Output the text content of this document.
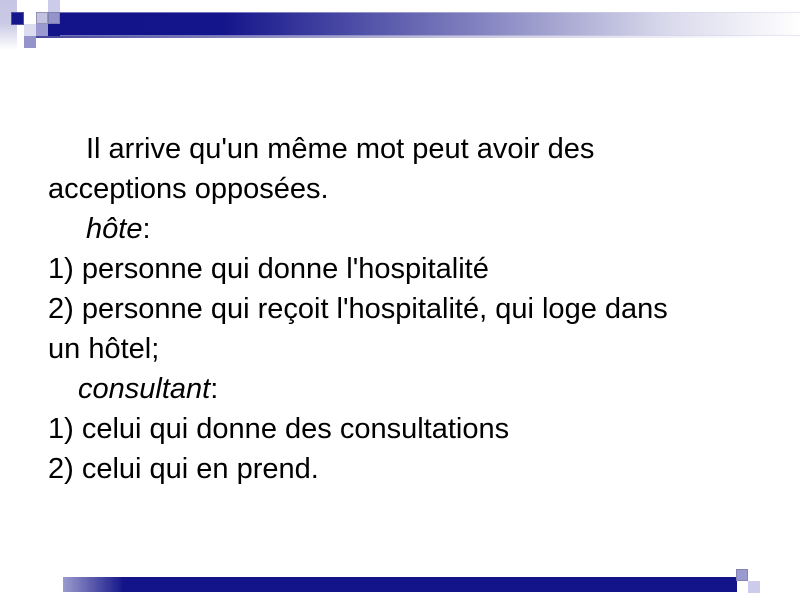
Il arrive qu'un même mot peut avoir des
acceptions opposées.
hôte:
1) personne qui donne l'hospitalité
2) personne qui reçoit l'hospitalité, qui loge dans
un hôtel;
consultant:
1) celui qui donne des consultations
2) celui qui en prend.
